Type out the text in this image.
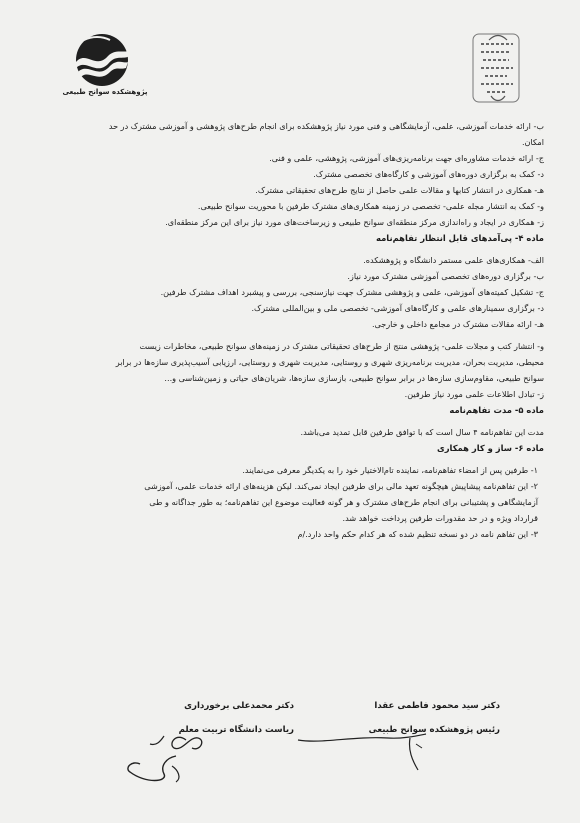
پژوهشکده سوانح طبیعی
ب- ارائه خدمات آموزشی، علمی، آزمایشگاهی و فنی مورد نیاز پژوهشکده برای انجام طرح‌های پژوهشی و آموزشی مشترک در حد
امکان.
ج- ارائه خدمات مشاوره‌ای جهت برنامه‌ریزی‌های آموزشی، پژوهشی، علمی و فنی.
د- کمک به برگزاری دوره‌های آموزشی و کارگاه‌های تخصصی مشترک.
هـ- همکاری در انتشار کتابها و مقالات علمی حاصل از نتایج طرح‌های تحقیقاتی مشترک.
و- کمک به انتشار مجله علمی- تخصصی در زمینه همکاری‌های مشترک طرفین با محوریت سوانح طبیعی.
ز- همکاری در ایجاد و راه‌اندازی مرکز منطقه‌ای سوانح طبیعی و زیرساخت‌های مورد نیاز برای این مرکز منطقه‌ای.
ماده ۴- پی‌آمدهای قابل انتظار تفاهم‌نامه
الف- همکاری‌های علمی مستمر دانشگاه و پژوهشکده.
ب- برگزاری دوره‌های تخصصی آموزشی مشترک مورد نیاز.
ج- تشکیل کمیته‌های آموزشی، علمی و پژوهشی مشترک جهت نیازسنجی، بررسی و پیشبرد اهداف مشترک طرفین.
د- برگزاری سمینارهای علمی و کارگاه‌های آموزشی- تخصصی ملی و بین‌المللی مشترک.
هـ- ارائه مقالات مشترک در مجامع داخلی و خارجی.
و- انتشار کتب و مجلات علمی- پژوهشی منتج از طرح‌های تحقیقاتی مشترک در زمینه‌های سوانح طبیعی، مخاطرات زیست
محیطی، مدیریت بحران، مدیریت برنامه‌ریزی شهری و روستایی، مدیریت شهری و روستایی، ارزیابی آسیب‌پذیری سازه‌ها در برابر
سوانح طبیعی، مقاوم‌سازی سازه‌ها در برابر سوانح طبیعی، بازسازی سازه‌ها، شریان‌های حیاتی و زمین‌شناسی و...
ز- تبادل اطلاعات علمی مورد نیاز طرفین.
ماده ۵- مدت تفاهم‌نامه
مدت این تفاهم‌نامه ۴ سال است که با توافق طرفین قابل تمدید می‌باشد.
ماده ۶- ساز و کار همکاری
۱- طرفین پس از امضاء تفاهم‌نامه، نماینده تام‌الاختیار خود را به یکدیگر معرفی می‌نمایند.
۲- این تفاهم‌نامه پیشاپیش هیچگونه تعهد مالی برای طرفین ایجاد نمی‌کند. لیکن هزینه‌های ارائه خدمات علمی، آموزشی
آزمایشگاهی و پشتیبانی برای انجام طرح‌های مشترک و هر گونه فعالیت موضوع این تفاهم‌نامه؛ به طور جداگانه و طی
قرارداد ویژه و در حد مقدورات طرفین پرداخت خواهد شد.
۳- این تفاهم نامه در دو نسخه تنظیم شده که هر کدام حکم واحد دارد./م
دکتر سید محمود فاطمی عقدا
رئیس پژوهشکده سوانح طبیعی
دکتر محمدعلی برخورداری
ریاست دانشگاه تربیت معلم
